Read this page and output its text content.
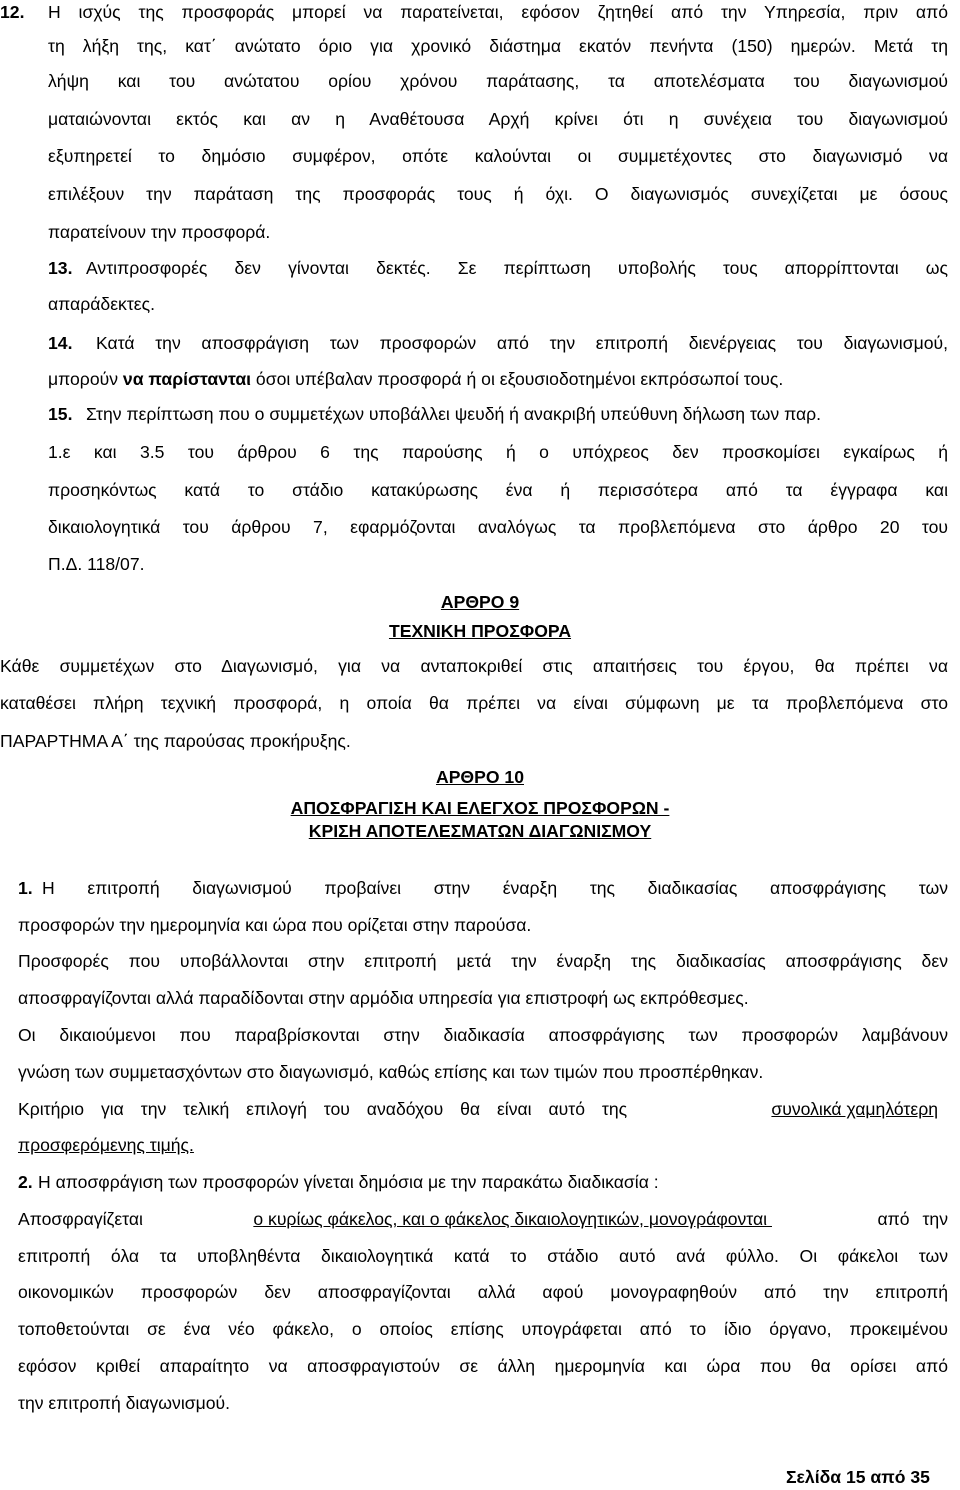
12. Η ισχύς της προσφοράς μπορεί να παρατείνεται, εφόσον ζητηθεί από την Υπηρεσία, πριν από
τη λήξη της, κατ΄ ανώτατο όριο για χρονικό διάστημα εκατόν πενήντα (150) ημερών. Μετά τη
λήψη και του ανώτατου ορίου χρόνου παράτασης, τα αποτελέσματα του διαγωνισμού
ματαιώνονται εκτός και αν η Αναθέτουσα Αρχή κρίνει ότι η συνέχεια του διαγωνισμού
εξυπηρετεί το δημόσιο συμφέρον, οπότε καλούνται οι συμμετέχοντες στο διαγωνισμό να
επιλέξουν την παράταση της προσφοράς τους ή όχι. Ο διαγωνισμός συνεχίζεται με όσους
παρατείνουν την προσφορά.
13. Αντιπροσφορές δεν γίνονται δεκτές. Σε περίπτωση υποβολής τους απορρίπτονται ως
απαράδεκτες.
14. Κατά την αποσφράγιση των προσφορών από την επιτροπή διενέργειας του διαγωνισμού,
μπορούν να παρίστανται όσοι υπέβαλαν προσφορά ή οι εξουσιοδοτημένοι εκπρόσωποί τους.
15. Στην περίπτωση που ο συμμετέχων υποβάλλει ψευδή ή ανακριβή υπεύθυνη δήλωση των παρ.
1.ε και 3.5 του άρθρου 6 της παρούσης ή ο υπόχρεος δεν προσκομίσει εγκαίρως ή
προσηκόντως κατά το στάδιο κατακύρωσης ένα ή περισσότερα από τα έγγραφα και
δικαιολογητικά του άρθρου 7, εφαρμόζονται αναλόγως τα προβλεπόμενα στο άρθρο 20 του
Π.Δ. 118/07.
ΑΡΘΡΟ 9
ΤΕΧΝΙΚΗ ΠΡΟΣΦΟΡΑ
Κάθε συμμετέχων στο Διαγωνισμό, για να ανταποκριθεί στις απαιτήσεις του έργου, θα πρέπει να
καταθέσει πλήρη τεχνική προσφορά, η οποία θα πρέπει να είναι σύμφωνη με τα προβλεπόμενα στο
ΠΑΡΑΡΤΗΜΑ Α΄ της παρούσας προκήρυξης.
ΑΡΘΡΟ 10
ΑΠΟΣΦΡΑΓΙΣΗ ΚΑΙ ΕΛΕΓΧΟΣ ΠΡΟΣΦΟΡΩΝ -
ΚΡΙΣΗ ΑΠΟΤΕΛΕΣΜΑΤΩΝ ΔΙΑΓΩΝΙΣΜΟΥ
1. Η επιτροπή διαγωνισμού προβαίνει στην έναρξη της διαδικασίας αποσφράγισης των
προσφορών την ημερομηνία και ώρα που ορίζεται στην παρούσα.
Προσφορές που υποβάλλονται στην επιτροπή μετά την έναρξη της διαδικασίας αποσφράγισης δεν
αποσφραγίζονται αλλά παραδίδονται στην αρμόδια υπηρεσία για επιστροφή ως εκπρόθεσμες.
Οι δικαιούμενοι που παραβρίσκονται στην διαδικασία αποσφράγισης των προσφορών λαμβάνουν
γνώση των συμμετασχόντων στο διαγωνισμό, καθώς επίσης και των τιμών που προσπέρθηκαν.
Κριτήριο για την τελική επιλογή του αναδόχου θα είναι αυτό της	συνολικά χαμηλότερη
προσφερόμενης τιμής.
2. Η αποσφράγιση των προσφορών γίνεται δημόσια με την παρακάτω διαδικασία :
Αποσφραγίζεται	ο κυρίως φάκελος, και ο φάκελος δικαιολογητικών, μονογράφονται	από την
επιτροπή όλα τα υποβληθέντα δικαιολογητικά κατά το στάδιο αυτό ανά φύλλο. Οι φάκελοι των
οικονομικών προσφορών δεν αποσφραγίζονται αλλά αφού μονογραφηθούν από την επιτροπή
τοποθετούνται σε ένα νέο φάκελο, ο οποίος επίσης υπογράφεται από το ίδιο όργανο, προκειμένου
εφόσον κριθεί απαραίτητο να αποσφραγιστούν σε άλλη ημερομηνία και ώρα που θα ορίσει από
την επιτροπή διαγωνισμού.
Σελίδα 15 από 35
